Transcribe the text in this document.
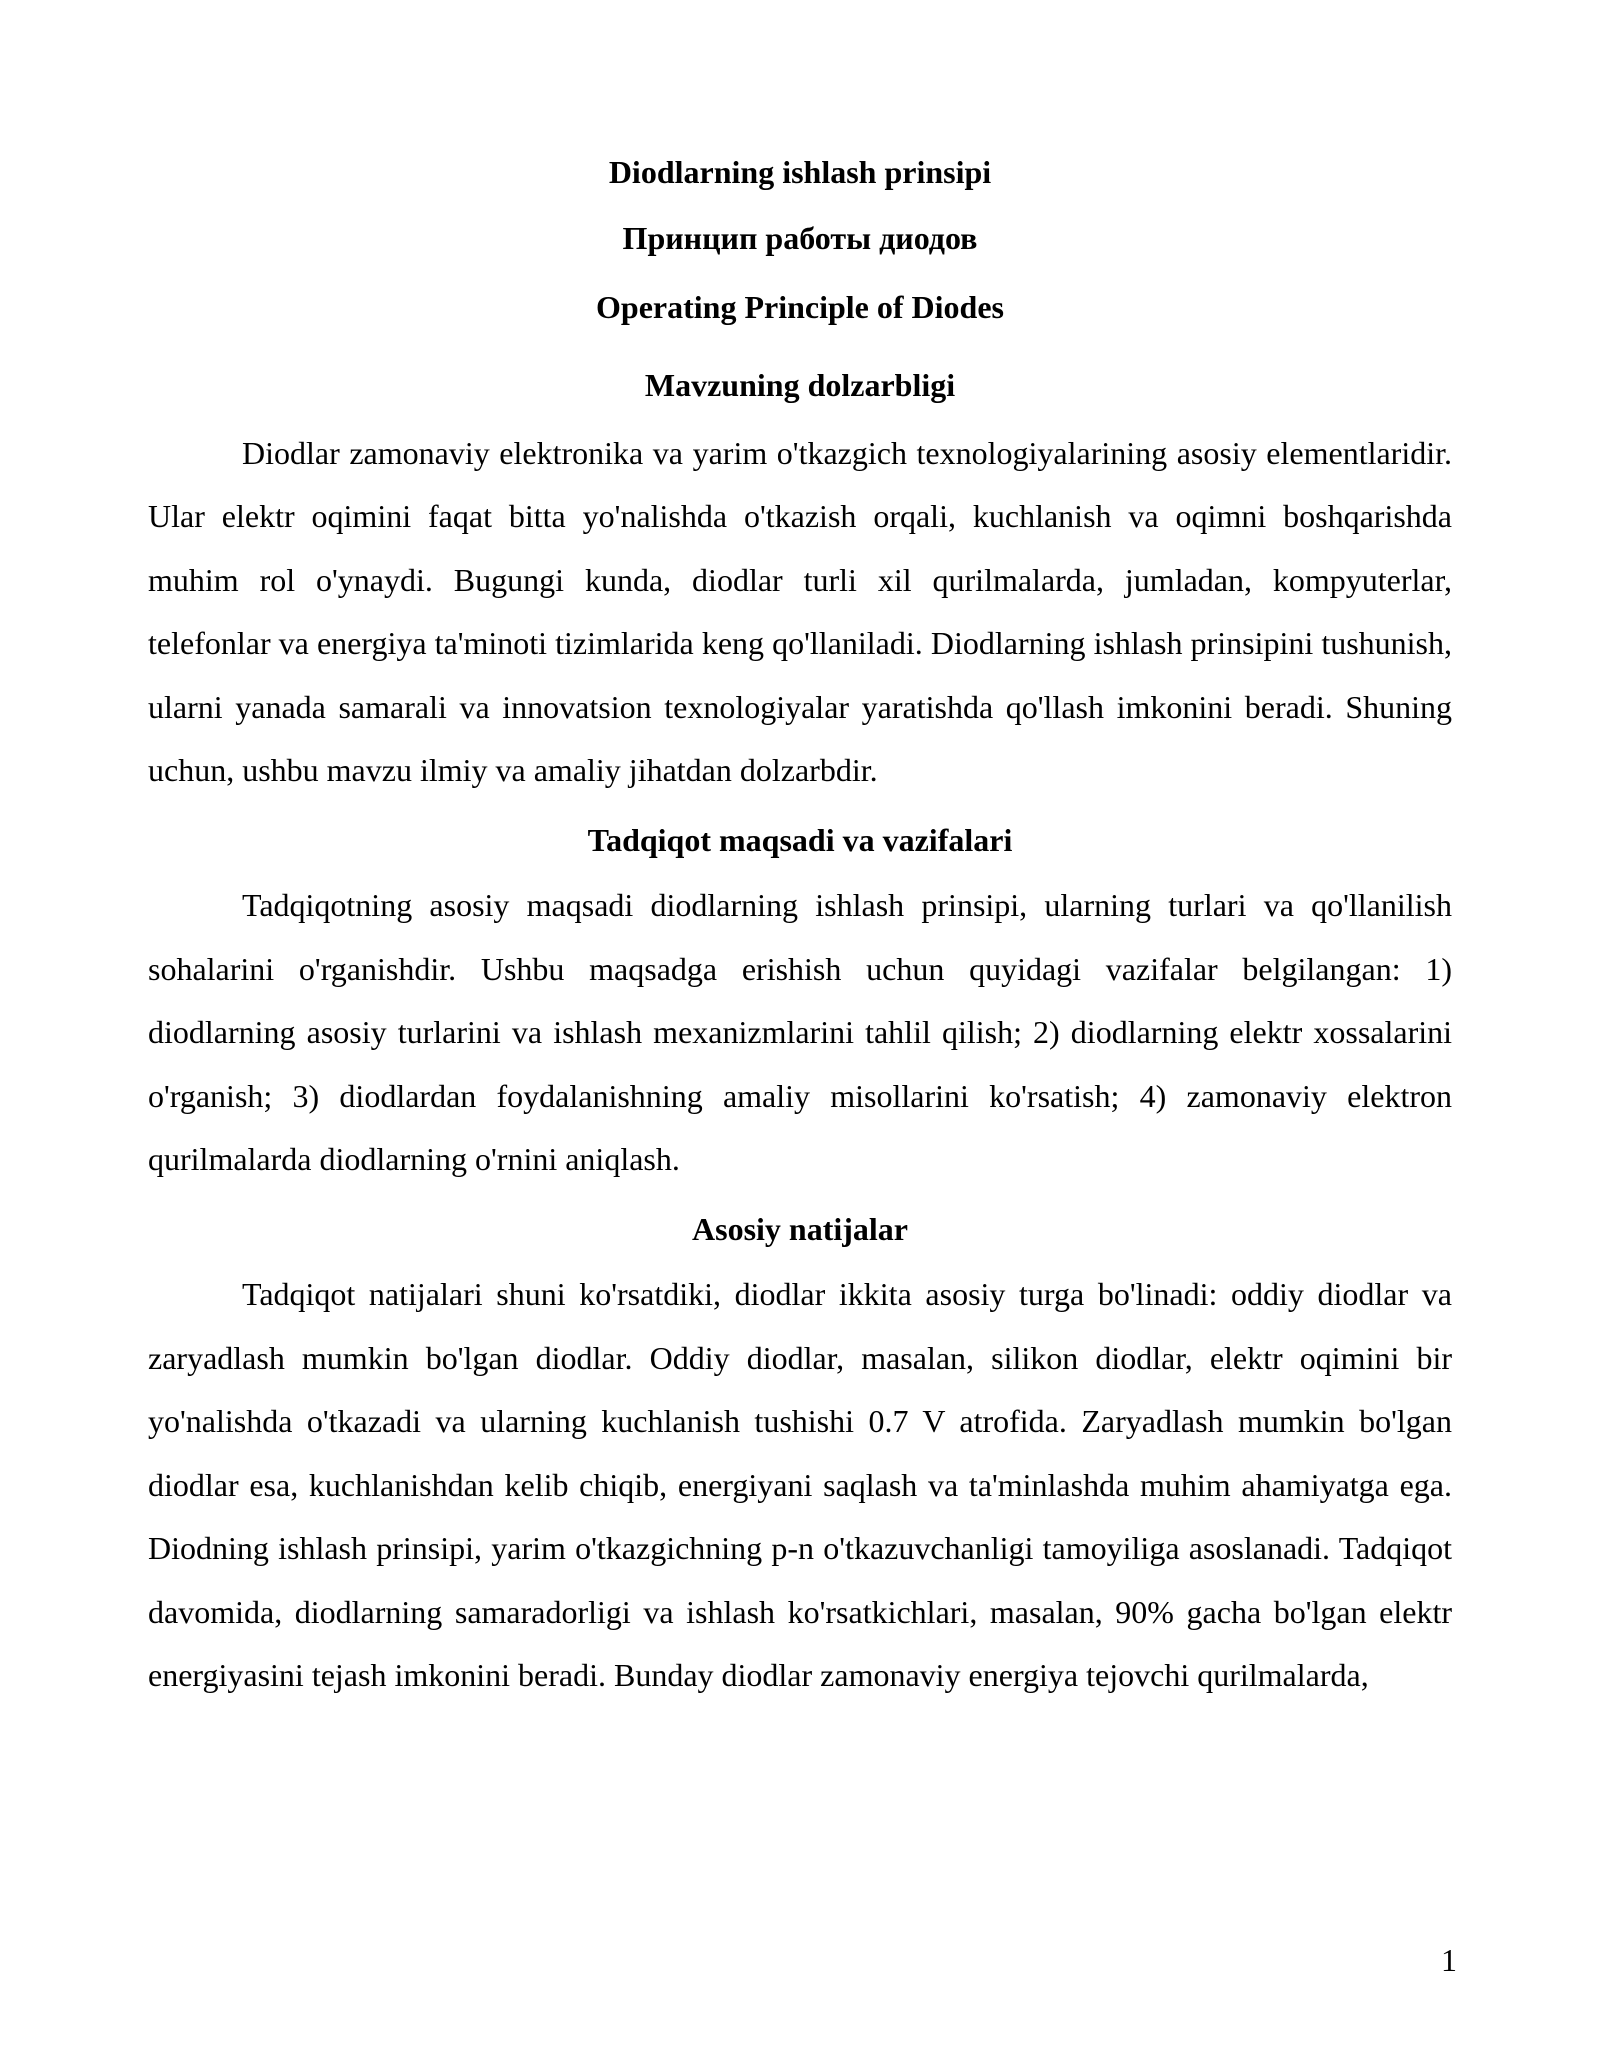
Diodlarning ishlash prinsipi
Принцип работы диодов
Operating Principle of Diodes
Mavzuning dolzarbligi

Diodlar zamonaviy elektronika va yarim o'tkazgich texnologiyalarining asosiy elementlaridir. Ular elektr oqimini faqat bitta yo'nalishda o'tkazish orqali, kuchlanish va oqimni boshqarishda muhim rol o'ynaydi. Bugungi kunda, diodlar turli xil qurilmalarda, jumladan, kompyuterlar, telefonlar va energiya ta'minoti tizimlarida keng qo'llaniladi. Diodlarning ishlash prinsipini tushunish, ularni yanada samarali va innovatsion texnologiyalar yaratishda qo'llash imkonini beradi. Shuning uchun, ushbu mavzu ilmiy va amaliy jihatdan dolzarbdir.

Tadqiqot maqsadi va vazifalari

Tadqiqotning asosiy maqsadi diodlarning ishlash prinsipi, ularning turlari va qo'llanilish sohalarini o'rganishdir. Ushbu maqsadga erishish uchun quyidagi vazifalar belgilangan: 1) diodlarning asosiy turlarini va ishlash mexanizmlarini tahlil qilish; 2) diodlarning elektr xossalarini o'rganish; 3) diodlardan foydalanishning amaliy misollarini ko'rsatish; 4) zamonaviy elektron qurilmalarda diodlarning o'rnini aniqlash.

Asosiy natijalar

Tadqiqot natijalari shuni ko'rsatdiki, diodlar ikkita asosiy turga bo'linadi: oddiy diodlar va zaryadlash mumkin bo'lgan diodlar. Oddiy diodlar, masalan, silikon diodlar, elektr oqimini bir yo'nalishda o'tkazadi va ularning kuchlanish tushishi 0.7 V atrofida. Zaryadlash mumkin bo'lgan diodlar esa, kuchlanishdan kelib chiqib, energiyani saqlash va ta'minlashda muhim ahamiyatga ega. Diodning ishlash prinsipi, yarim o'tkazgichning p-n o'tkazuvchanligi tamoyiliga asoslanadi. Tadqiqot davomida, diodlarning samaradorligi va ishlash ko'rsatkichlari, masalan, 90% gacha bo'lgan elektr energiyasini tejash imkonini beradi. Bunday diodlar zamonaviy energiya tejovchi qurilmalarda,

1
